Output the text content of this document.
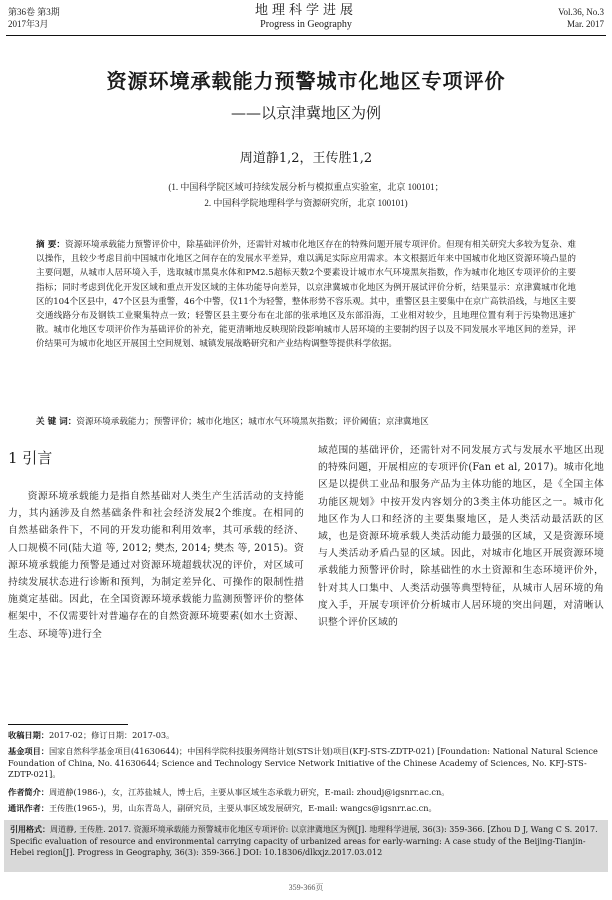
第36卷 第3期
2017年3月
地理科学进展
Progress in Geography
Vol.36, No.3
Mar. 2017
资源环境承载能力预警城市化地区专项评价
——以京津冀地区为例
周道静1,2，王传胜1,2
(1. 中国科学院区域可持续发展分析与模拟重点实验室，北京 100101；
2. 中国科学院地理科学与资源研究所，北京 100101)
摘 要：资源环境承载能力预警评价中，除基础评价外，还需针对城市化地区存在的特殊问题开展专项评价。但现有相关研究大多较为复杂、难以操作，且较少考虑目前中国城市化地区之间存在的发展水平差异，难以满足实际应用需求。本文根据近年来中国城市化地区资源环境凸显的主要问题，从城市人居环境入手，选取城市黑臭水体和PM2.5超标天数2个要素设计城市水气环境黑灰指数，作为城市化地区专项评价的主要指标；同时考虑到优化开发区域和重点开发区域的主体功能导向差异，以京津冀城市化地区为例开展试评价分析，结果显示：京津冀城市化地区的104个区县中，47个区县为重警，46个中警，仅11个为轻警，整体形势不容乐观。其中，重警区县主要集中在京广高铁沿线，与地区主要交通线路分布及钢铁工业聚集特点一致；轻警区县主要分布在北部的张承地区及东部沿海，工业相对较少，且地理位置有利于污染物迅速扩散。城市化地区专项评价作为基础评价的补充，能更清晰地反映现阶段影响城市人居环境的主要制约因子以及不同发展水平地区间的差异，评价结果可为城市化地区开展国土空间规划、城镇发展战略研究和产业结构调整等提供科学依据。
关 键 词：资源环境承载能力；预警评价；城市化地区；城市水气环境黑灰指数；评价阈值；京津冀地区
1 引言
资源环境承载能力是指自然基础对人类生产生活活动的支持能力，其内涵涉及自然基础条件和社会经济发展2个维度。在相同的自然基础条件下，不同的开发功能和利用效率，其可承载的经济、人口规模不同(陆大道 等, 2012; 樊杰, 2014; 樊杰 等, 2015)。资源环境承载能力预警是通过对资源环境超载状况的评价，对区域可持续发展状态进行诊断和预判，为制定差异化、可操作的限制性措施奠定基础。因此，在全国资源环境承载能力监测预警评价的整体框架中，不仅需要针对普遍存在的自然资源环境要素(如水土资源、生态、环境等)进行全
域范围的基础评价，还需针对不同发展方式与发展水平地区出现的特殊问题，开展相应的专项评价(Fan et al, 2017)。城市化地区是以提供工业品和服务产品为主体功能的地区，是《全国主体功能区规划》中按开发内容划分的3类主体功能区之一。城市化地区作为人口和经济的主要集聚地区，是人类活动最活跃的区域，也是资源环境承载人类活动能力最强的区域，又是资源环境与人类活动矛盾凸显的区域。因此，对城市化地区开展资源环境承载能力预警评价时，除基础性的水土资源和生态环境评价外，针对其人口集中、人类活动强等典型特征，从城市人居环境的角度入手，开展专项评价分析城市人居环境的突出问题，对清晰认识整个评价区域的
收稿日期：2017-02；修订日期：2017-03。
基金项目：国家自然科学基金项目(41630644)；中国科学院科技服务网络计划(STS计划)项目(KFJ-STS-ZDTP-021) [Foundation: National Natural Science Foundation of China, No. 41630644; Science and Technology Service Network Initiative of the Chinese Academy of Sciences, No. KFJ-STS-ZDTP-021]。
作者简介：周道静(1986-)，女，江苏盐城人，博士后，主要从事区域生态承载力研究，E-mail: zhoudj@igsnrr.ac.cn。
通讯作者：王传胜(1965-)，男，山东青岛人，副研究员，主要从事区域发展研究，E-mail: wangcs@igsnrr.ac.cn。
引用格式：周道静, 王传胜. 2017. 资源环境承载能力预警城市化地区专项评价: 以京津冀地区为例[J]. 地理科学进展, 36(3): 359-366. [Zhou D J, Wang C S. 2017. Specific evaluation of resource and environmental carrying capacity of urbanized areas for early-warning: A case study of the Beijing-Tianjin-Hebei region[J]. Progress in Geography, 36(3): 359-366.] DOI: 10.18306/dlkxjz.2017.03.012
359-366页
